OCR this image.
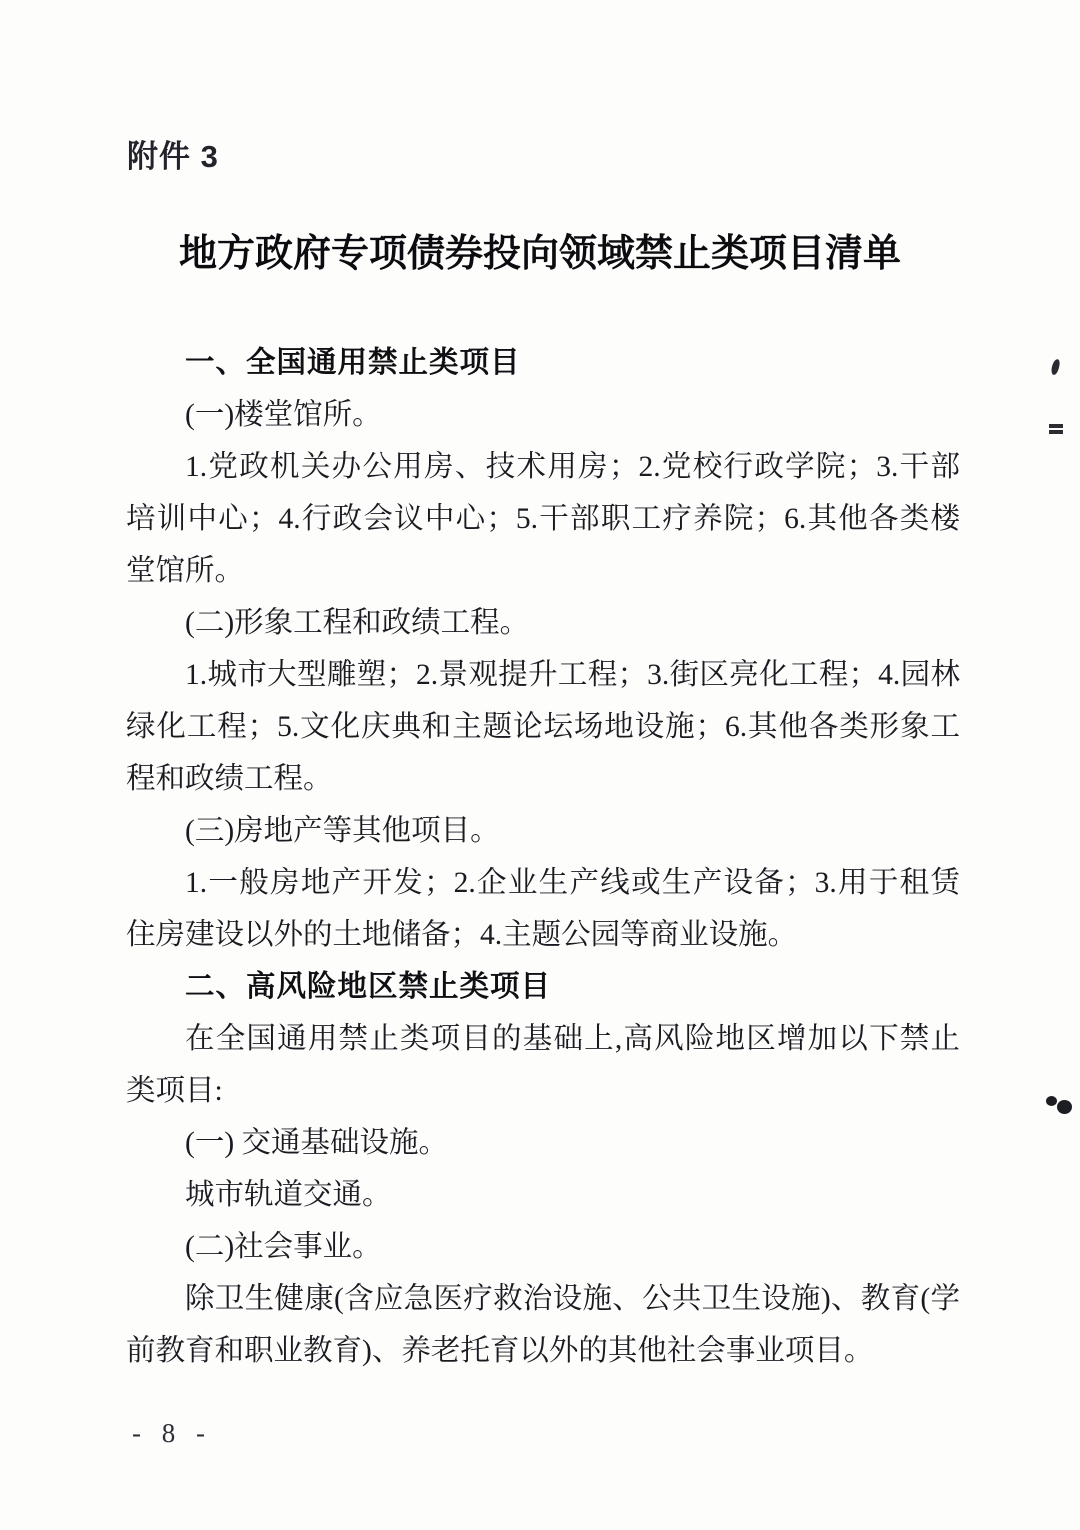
附件 3
地方政府专项债券投向领域禁止类项目清单
一、全国通用禁止类项目
(一)楼堂馆所。
1.党政机关办公用房、技术用房；2.党校行政学院；3.干部
培训中心；4.行政会议中心；5.干部职工疗养院；6.其他各类楼
堂馆所。
(二)形象工程和政绩工程。
1.城市大型雕塑；2.景观提升工程；3.街区亮化工程；4.园林
绿化工程；5.文化庆典和主题论坛场地设施；6.其他各类形象工
程和政绩工程。
(三)房地产等其他项目。
1.一般房地产开发；2.企业生产线或生产设备；3.用于租赁
住房建设以外的土地储备；4.主题公园等商业设施。
二、高风险地区禁止类项目
在全国通用禁止类项目的基础上,高风险地区增加以下禁止
类项目:
(一) 交通基础设施。
城市轨道交通。
(二)社会事业。
除卫生健康(含应急医疗救治设施、公共卫生设施)、教育(学
前教育和职业教育)、养老托育以外的其他社会事业项目。
- 8 -
